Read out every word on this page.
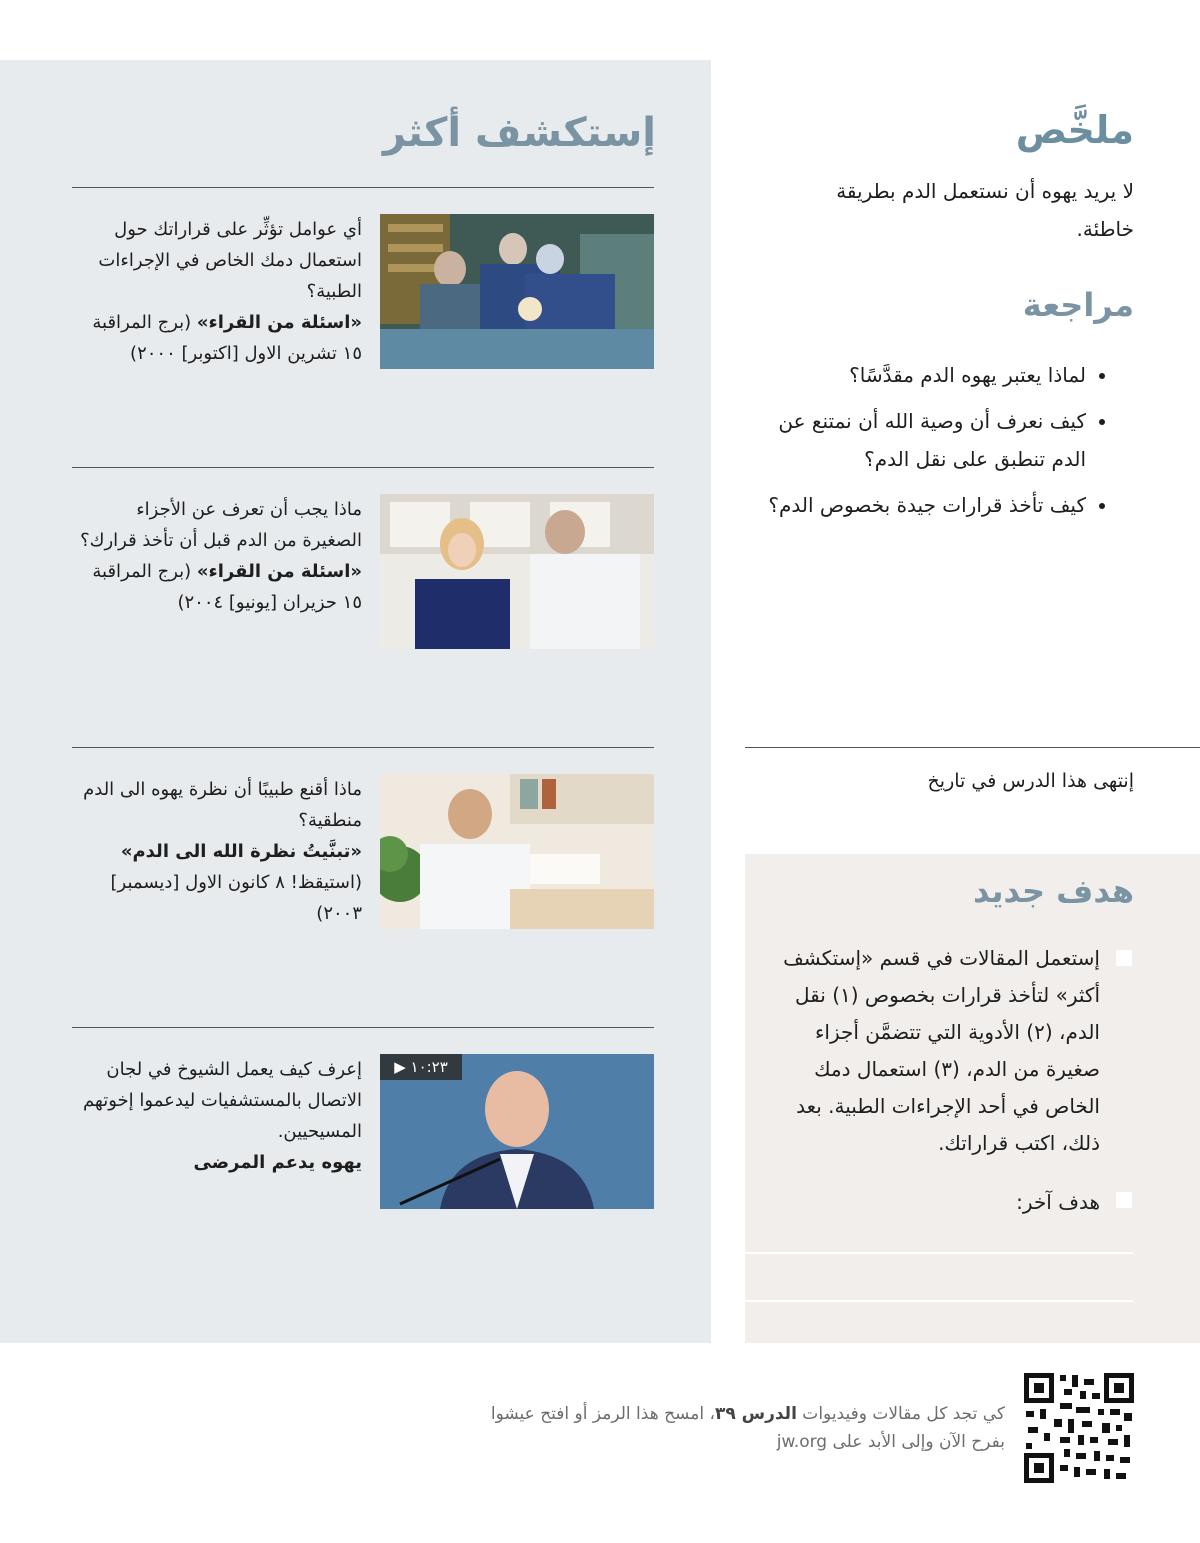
إستكشف أكثر
أي عوامل تؤثِّر على قراراتك حول استعمال دمك الخاص في الإجراءات الطبية؟
«اسئلة من القراء» (برج المراقبة ١٥ تشرين الاول [اكتوبر] ٢٠٠٠)
ماذا يجب أن تعرف عن الأجزاء الصغيرة من الدم قبل أن تأخذ قرارك؟
«اسئلة من القراء» (برج المراقبة ١٥ حزيران [يونيو] ٢٠٠٤)
ماذا أقنع طبيبًا أن نظرة يهوه الى الدم منطقية؟
«تبنَّيتُ نظرة الله الى الدم» (استيقظ! ٨ كانون الاول [ديسمبر] ٢٠٠٣)
إعرف كيف يعمل الشيوخ في لجان الاتصال بالمستشفيات ليدعموا إخوتهم المسيحيين.
يهوه يدعم المرضى
▶ ١٠:٢٣
ملخَّص
لا يريد يهوه أن نستعمل الدم بطريقة خاطئة.
مراجعة
• لماذا يعتبر يهوه الدم مقدَّسًا؟
• كيف نعرف أن وصية الله أن نمتنع عن الدم تنطبق على نقل الدم؟
• كيف تأخذ قرارات جيدة بخصوص الدم؟
إنتهى هذا الدرس في تاريخ
هدف جديد
إستعمل المقالات في قسم «إستكشف أكثر» لتأخذ قرارات بخصوص (١) نقل الدم، (٢) الأدوية التي تتضمَّن أجزاء صغيرة من الدم، (٣) استعمال دمك الخاص في أحد الإجراءات الطبية. بعد ذلك، اكتب قراراتك.
هدف آخر:
كي تجد كل مقالات وفيديوات الدرس ٣٩، امسح هذا الرمز أو افتح عيشوا بفرح الآن وإلى الأبد على jw.org
